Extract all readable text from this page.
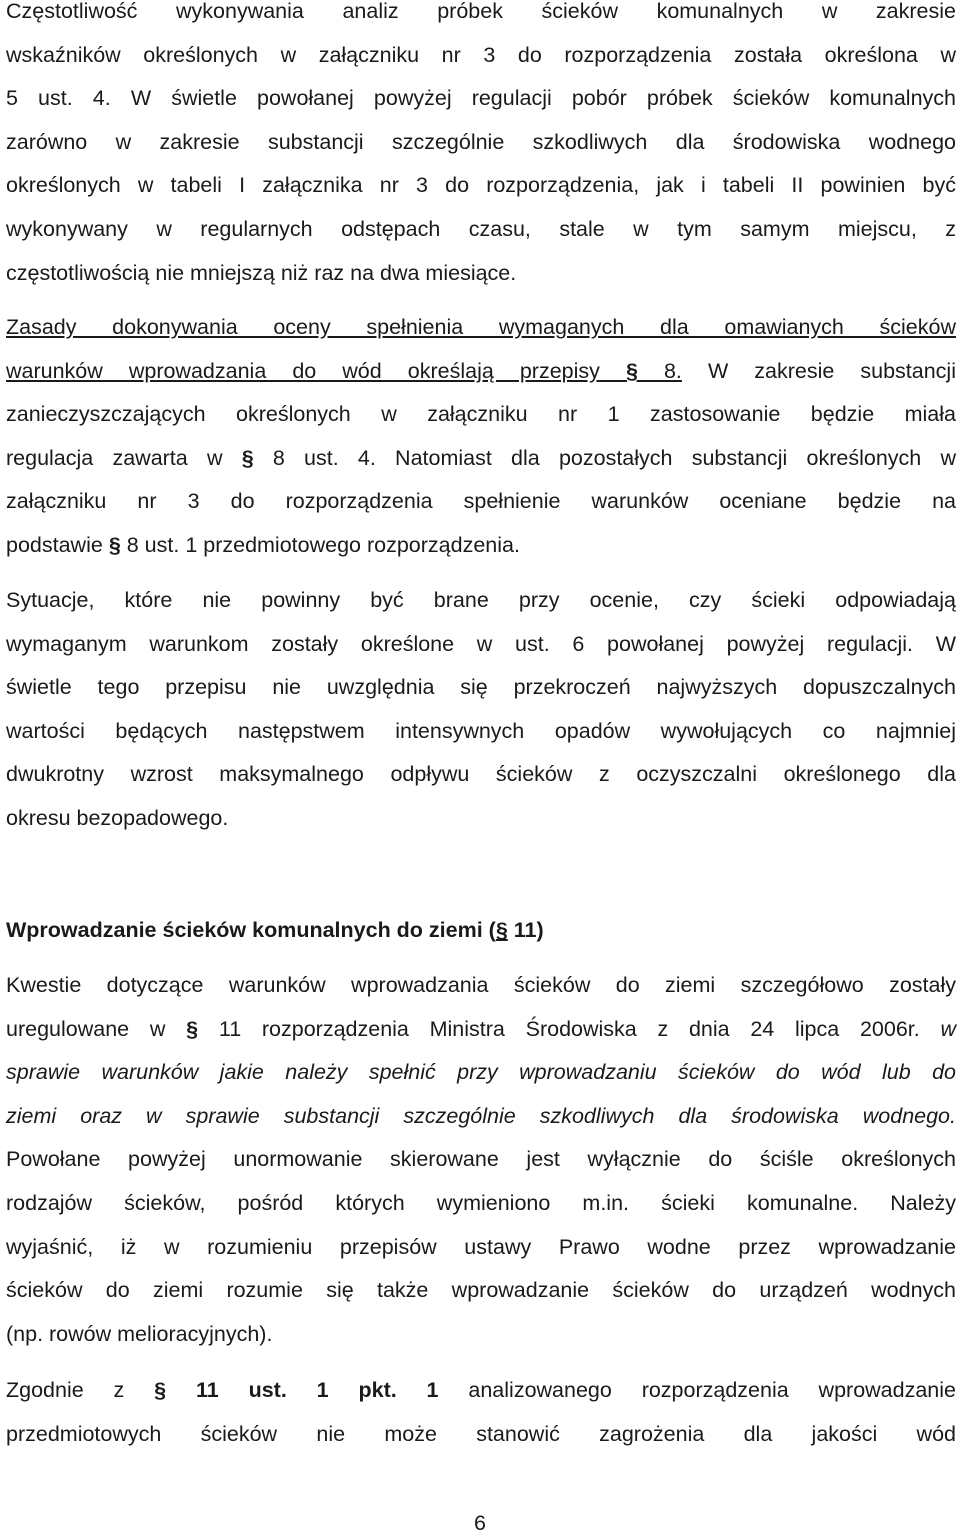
Częstotliwość wykonywania analiz próbek ścieków komunalnych w zakresie
wskaźników określonych w załączniku nr 3 do rozporządzenia została określona w
5 ust. 4. W świetle powołanej powyżej regulacji pobór próbek ścieków komunalnych
zarówno w zakresie substancji szczególnie szkodliwych dla środowiska wodnego
określonych w tabeli I załącznika nr 3 do rozporządzenia, jak i tabeli II powinien być
wykonywany w regularnych odstępach czasu, stale w tym samym miejscu, z
częstotliwością nie mniejszą niż raz na dwa miesiące.

Zasady dokonywania oceny spełnienia wymaganych dla omawianych ścieków
warunków wprowadzania do wód określają przepisy § 8. W zakresie substancji
zanieczyszczających określonych w załączniku nr 1 zastosowanie będzie miała
regulacja zawarta w § 8 ust. 4. Natomiast dla pozostałych substancji określonych w
załączniku nr 3 do rozporządzenia spełnienie warunków oceniane będzie na
podstawie § 8 ust. 1 przedmiotowego rozporządzenia.

Sytuacje, które nie powinny być brane przy ocenie, czy ścieki odpowiadają
wymaganym warunkom zostały określone w ust. 6 powołanej powyżej regulacji. W
świetle tego przepisu nie uwzględnia się przekroczeń najwyższych dopuszczalnych
wartości będących następstwem intensywnych opadów wywołujących co najmniej
dwukrotny wzrost maksymalnego odpływu ścieków z oczyszczalni określonego dla
okresu bezopadowego.

Wprowadzanie ścieków komunalnych do ziemi (§ 11)

Kwestie dotyczące warunków wprowadzania ścieków do ziemi szczegółowo zostały
uregulowane w § 11 rozporządzenia Ministra Środowiska z dnia 24 lipca 2006r. w
sprawie warunków jakie należy spełnić przy wprowadzaniu ścieków do wód lub do
ziemi oraz w sprawie substancji szczególnie szkodliwych dla środowiska wodnego.
Powołane powyżej unormowanie skierowane jest wyłącznie do ściśle określonych
rodzajów ścieków, pośród których wymieniono m.in. ścieki komunalne. Należy
wyjaśnić, iż w rozumieniu przepisów ustawy Prawo wodne przez wprowadzanie
ścieków do ziemi rozumie się także wprowadzanie ścieków do urządzeń wodnych
(np. rowów melioracyjnych).

Zgodnie z § 11 ust. 1 pkt. 1 analizowanego rozporządzenia wprowadzanie
przedmiotowych ścieków nie może stanowić zagrożenia dla jakości wód

6
